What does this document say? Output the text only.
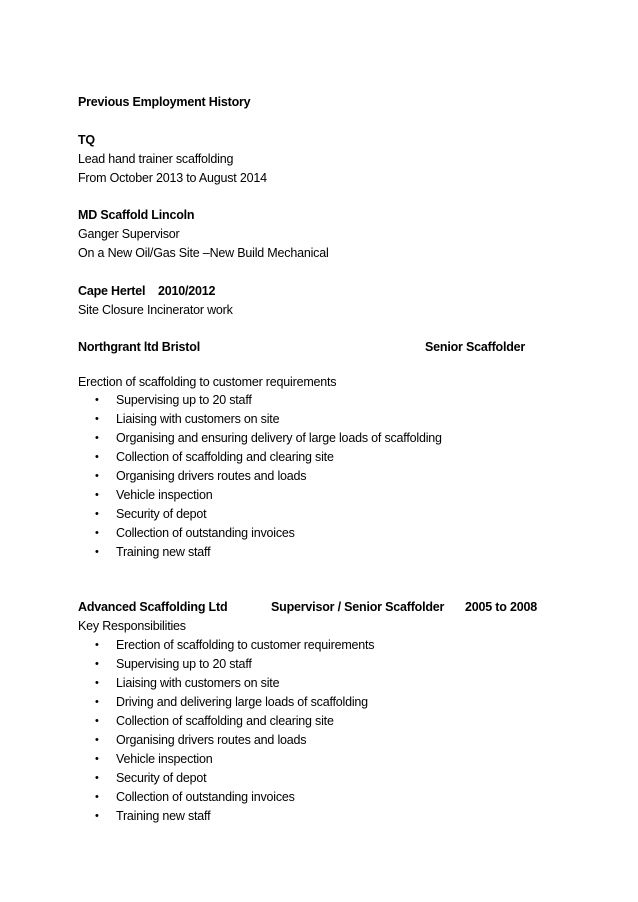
Previous Employment History
TQ
Lead hand trainer scaffolding
From October 2013 to August 2014
MD Scaffold Lincoln
Ganger Supervisor
On a New Oil/Gas Site –New Build Mechanical
Cape Hertel 2010/2012
Site Closure Incinerator work
Northgrant ltd Bristol	Senior Scaffolder
Erection of scaffolding to customer requirements
• Supervising up to 20 staff
• Liaising with customers on site
• Organising and ensuring delivery of large loads of scaffolding
• Collection of scaffolding and clearing site
• Organising drivers routes and loads
• Vehicle inspection
• Security of depot
• Collection of outstanding invoices
• Training new staff
Advanced Scaffolding Ltd	Supervisor / Senior Scaffolder 2005 to 2008
Key Responsibilities
• Erection of scaffolding to customer requirements
• Supervising up to 20 staff
• Liaising with customers on site
• Driving and delivering large loads of scaffolding
• Collection of scaffolding and clearing site
• Organising drivers routes and loads
• Vehicle inspection
• Security of depot
• Collection of outstanding invoices
• Training new staff
